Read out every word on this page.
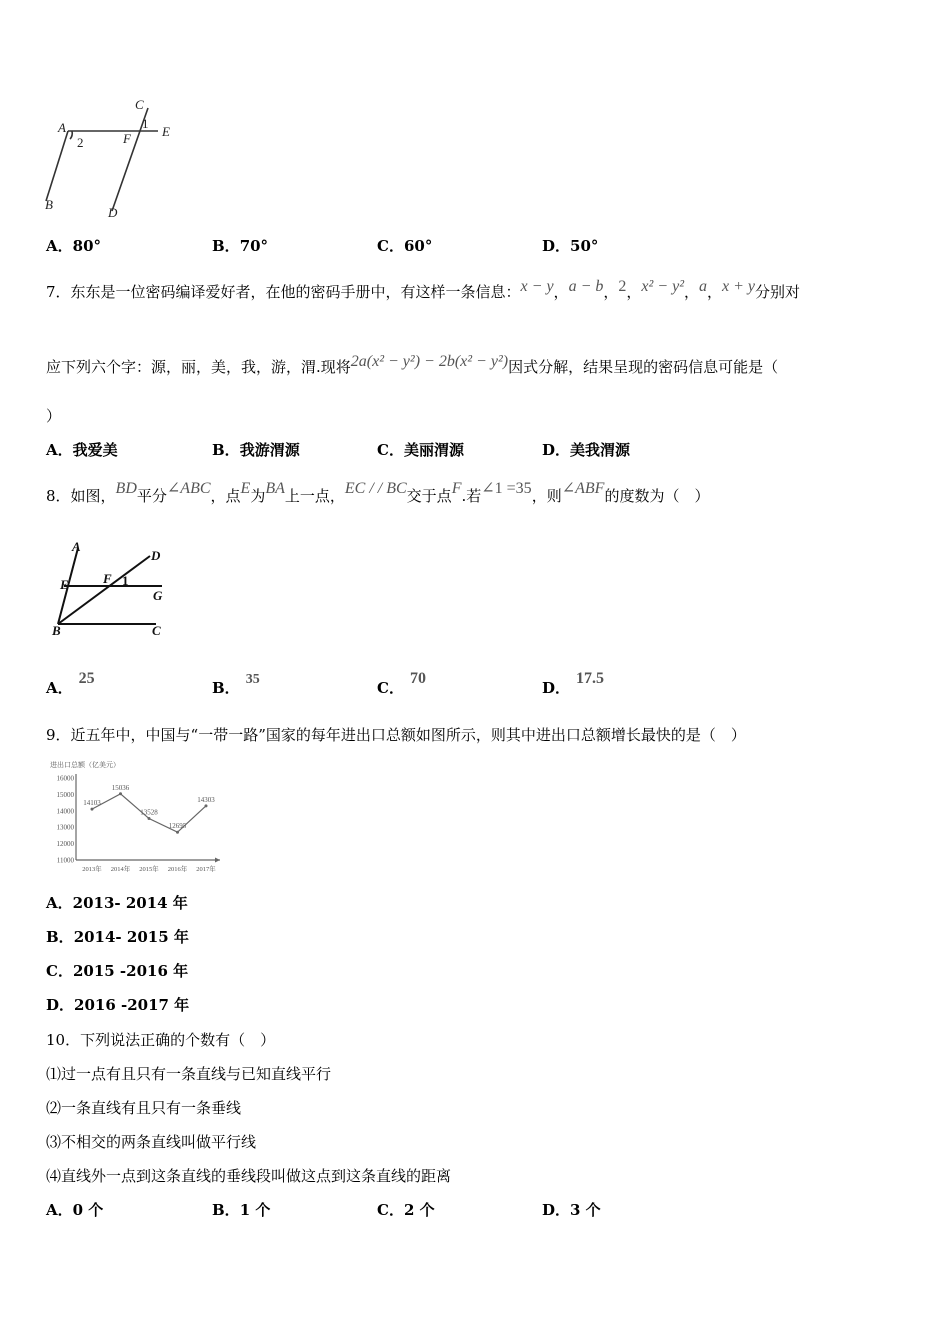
C
1
A
2	F E
B
D
A．80°	B．70°	C．60°	D．50°
7．东东是一位密码编译爱好者，在他的密码手册中，有这样一条信息：x − y，a − b，2，x² − y²，a，x + y分别对
应下列六个字：源，丽，美，我，游，渭.现将2a(x² − y²) − 2b(x² − y²)因式分解，结果呈现的密码信息可能是（
）
A．我爱美	B．我游渭源	C．美丽渭源	D．美我渭源
8．如图，BD平分∠ABC，点E为BA上一点，EC / / BC交于点F.若∠1 =35，则∠ABF的度数为（　）
A
D
E	F 1
G
B	C
A．25
B． 35	C．70
D．17.5
9．近五年中，中国与“一带一路”国家的每年进出口总额如图所示，则其中进出口总额增长最快的是（　）
进出口总额（亿美元）
16000
15000
14000
13000
12000
11000
2013年 2014年 2015年 2016年 2017年
14103
15036
13528
12695
14303
A．2013- 2014 年
B．2014- 2015 年
C．2015 -2016 年
D．2016 -2017 年
10．下列说法正确的个数有（　）
⑴过一点有且只有一条直线与已知直线平行
⑵一条直线有且只有一条垂线
⑶不相交的两条直线叫做平行线
⑷直线外一点到这条直线的垂线段叫做这点到这条直线的距离
A．0 个	B．1 个	C．2 个	D．3 个
